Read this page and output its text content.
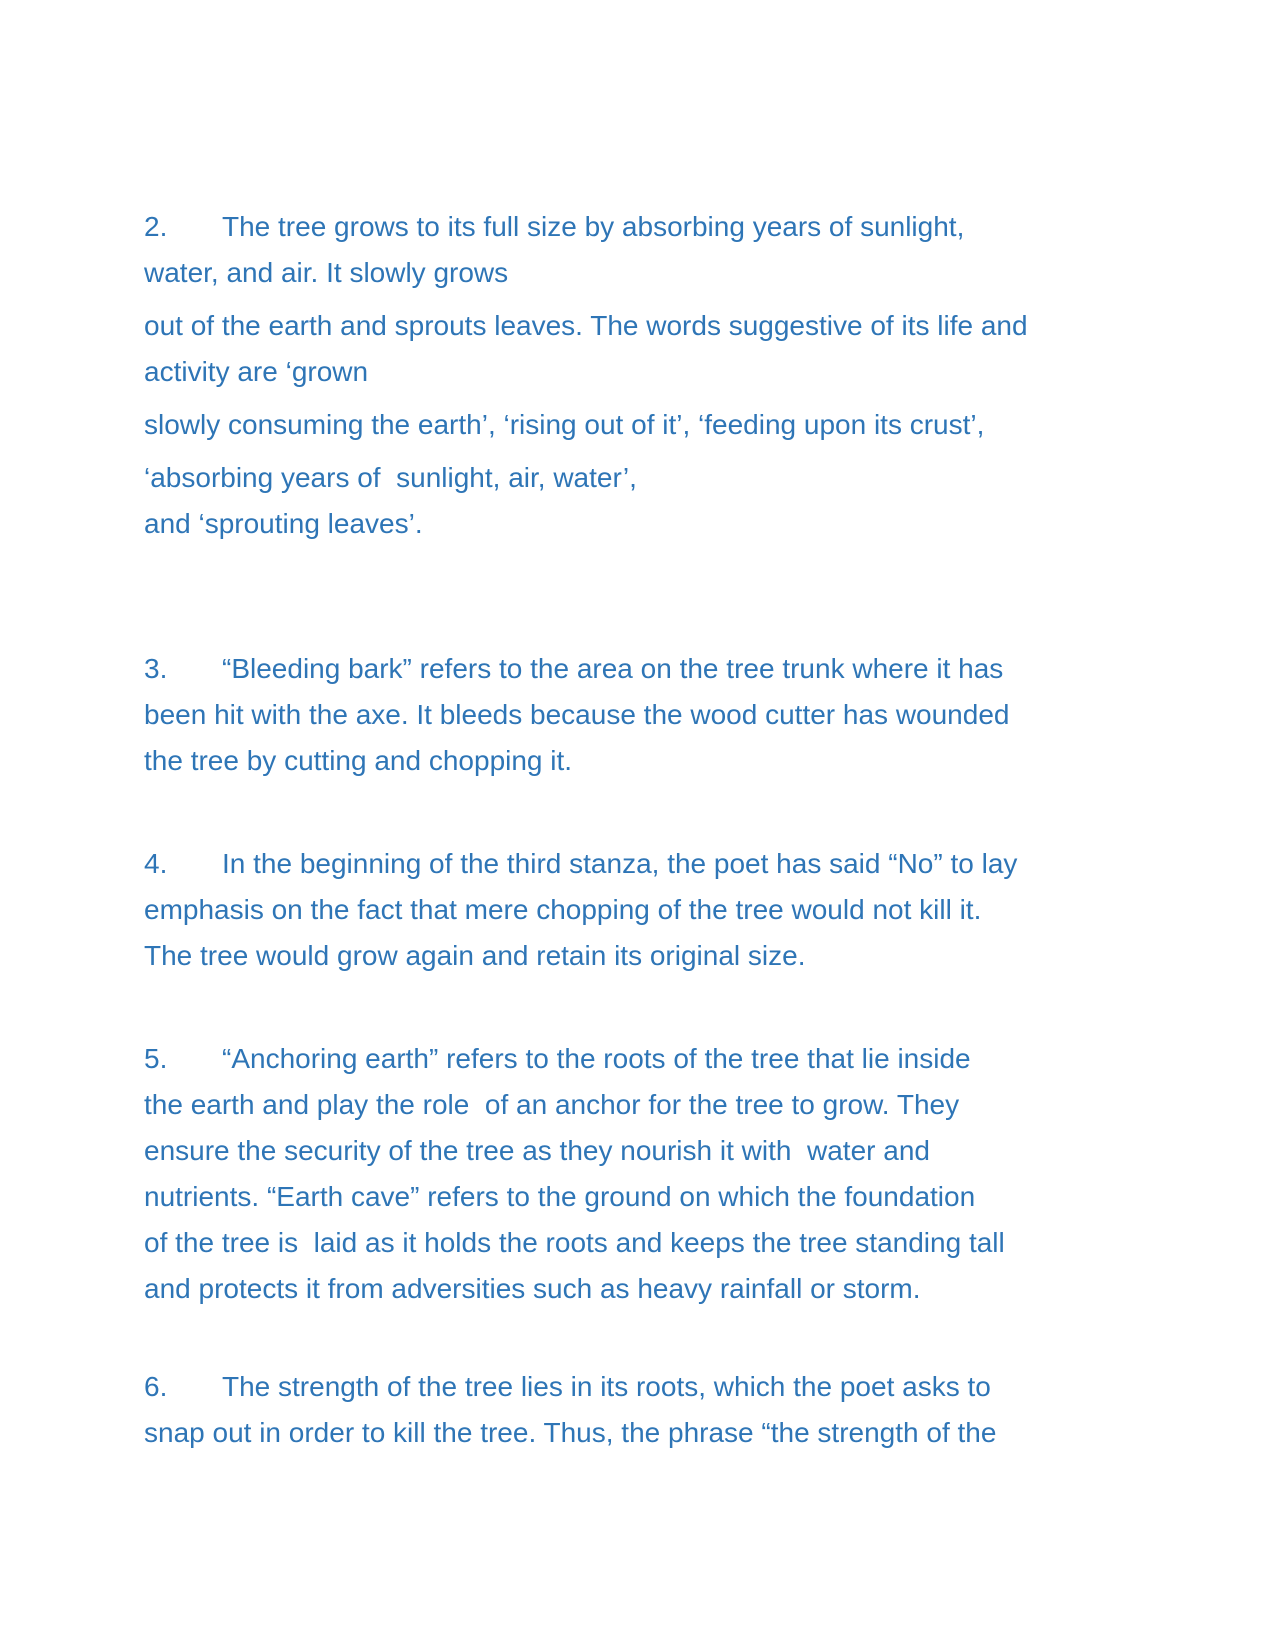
2. The tree grows to its full size by absorbing years of sunlight,
water, and air. It slowly grows
out of the earth and sprouts leaves. The words suggestive of its life and
activity are ‘grown
slowly consuming the earth’, ‘rising out of it’, ‘feeding upon its crust’,
‘absorbing years of  sunlight, air, water’,
and ‘sprouting leaves’.
3. “Bleeding bark” refers to the area on the tree trunk where it has
been hit with the axe. It bleeds because the wood cutter has wounded
the tree by cutting and chopping it.
4. In the beginning of the third stanza, the poet has said “No” to lay
emphasis on the fact that mere chopping of the tree would not kill it.
The tree would grow again and retain its original size.
5. “Anchoring earth” refers to the roots of the tree that lie inside
the earth and play the role  of an anchor for the tree to grow. They
ensure the security of the tree as they nourish it with  water and
nutrients. “Earth cave” refers to the ground on which the foundation
of the tree is  laid as it holds the roots and keeps the tree standing tall
and protects it from adversities such as heavy rainfall or storm.
6. The strength of the tree lies in its roots, which the poet asks to
snap out in order to kill the tree. Thus, the phrase “the strength of the
